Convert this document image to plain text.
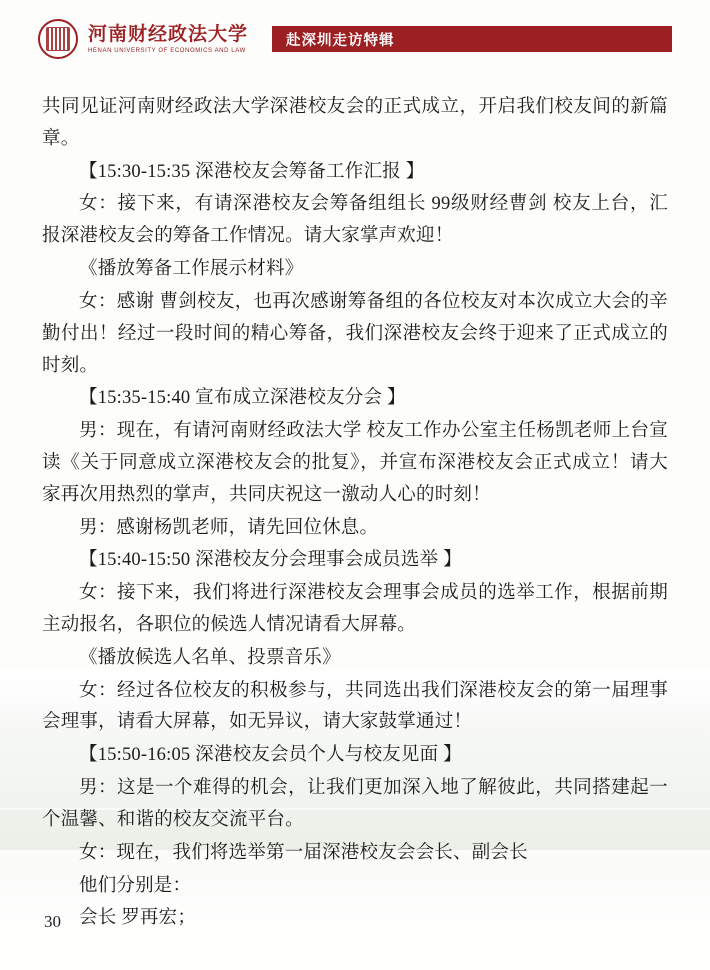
河南财经政法大学
HENAN UNIVERSITY OF ECONOMICS AND LAW
赴深圳走访特辑

共同见证河南财经政法大学深港校友会的正式成立，开启我们校友间的新篇章。

【15:30-15:35 深港校友会筹备工作汇报 】

女：接下来，有请深港校友会筹备组组长 99级财经曹剑 校友上台，汇报深港校友会的筹备工作情况。请大家掌声欢迎！

《播放筹备工作展示材料》

女：感谢 曹剑校友，也再次感谢筹备组的各位校友对本次成立大会的辛勤付出！经过一段时间的精心筹备，我们深港校友会终于迎来了正式成立的时刻。

【15:35-15:40 宣布成立深港校友分会 】

男：现在，有请河南财经政法大学 校友工作办公室主任杨凯老师上台宣读《关于同意成立深港校友会的批复》，并宣布深港校友会正式成立！请大家再次用热烈的掌声，共同庆祝这一激动人心的时刻！

男：感谢杨凯老师，请先回位休息。

【15:40-15:50 深港校友分会理事会成员选举 】

女：接下来，我们将进行深港校友会理事会成员的选举工作，根据前期主动报名，各职位的候选人情况请看大屏幕。

《播放候选人名单、投票音乐》

女：经过各位校友的积极参与，共同选出我们深港校友会的第一届理事会理事，请看大屏幕，如无异议，请大家鼓掌通过！

【15:50-16:05 深港校友会员个人与校友见面 】

男：这是一个难得的机会，让我们更加深入地了解彼此，共同搭建起一个温馨、和谐的校友交流平台。

女：现在，我们将选举第一届深港校友会会长、副会长

他们分别是：

会长 罗再宏；

30
